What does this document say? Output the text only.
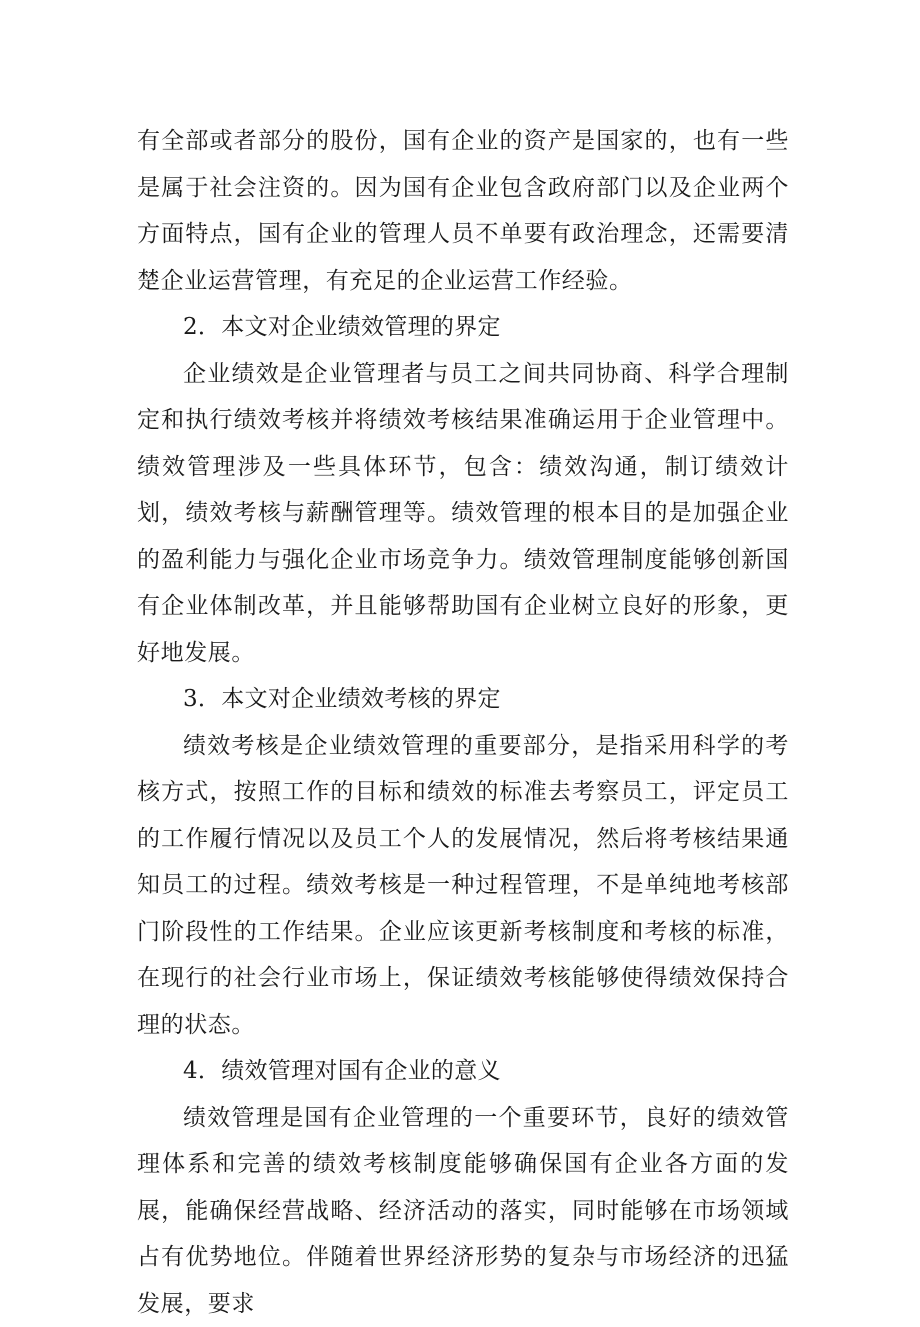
有全部或者部分的股份，国有企业的资产是国家的，也有一些是属于社会注资的。因为国有企业包含政府部门以及企业两个方面特点，国有企业的管理人员不单要有政治理念，还需要清楚企业运营管理，有充足的企业运营工作经验。

2．本文对企业绩效管理的界定

企业绩效是企业管理者与员工之间共同协商、科学合理制定和执行绩效考核并将绩效考核结果准确运用于企业管理中。绩效管理涉及一些具体环节，包含：绩效沟通，制订绩效计划，绩效考核与薪酬管理等。绩效管理的根本目的是加强企业的盈利能力与强化企业市场竞争力。绩效管理制度能够创新国有企业体制改革，并且能够帮助国有企业树立良好的形象，更好地发展。

3．本文对企业绩效考核的界定

绩效考核是企业绩效管理的重要部分，是指采用科学的考核方式，按照工作的目标和绩效的标准去考察员工，评定员工的工作履行情况以及员工个人的发展情况，然后将考核结果通知员工的过程。绩效考核是一种过程管理，不是单纯地考核部门阶段性的工作结果。企业应该更新考核制度和考核的标准，在现行的社会行业市场上，保证绩效考核能够使得绩效保持合理的状态。

4．绩效管理对国有企业的意义

绩效管理是国有企业管理的一个重要环节，良好的绩效管理体系和完善的绩效考核制度能够确保国有企业各方面的发展，能确保经营战略、经济活动的落实，同时能够在市场领域占有优势地位。伴随着世界经济形势的复杂与市场经济的迅猛发展，要求
